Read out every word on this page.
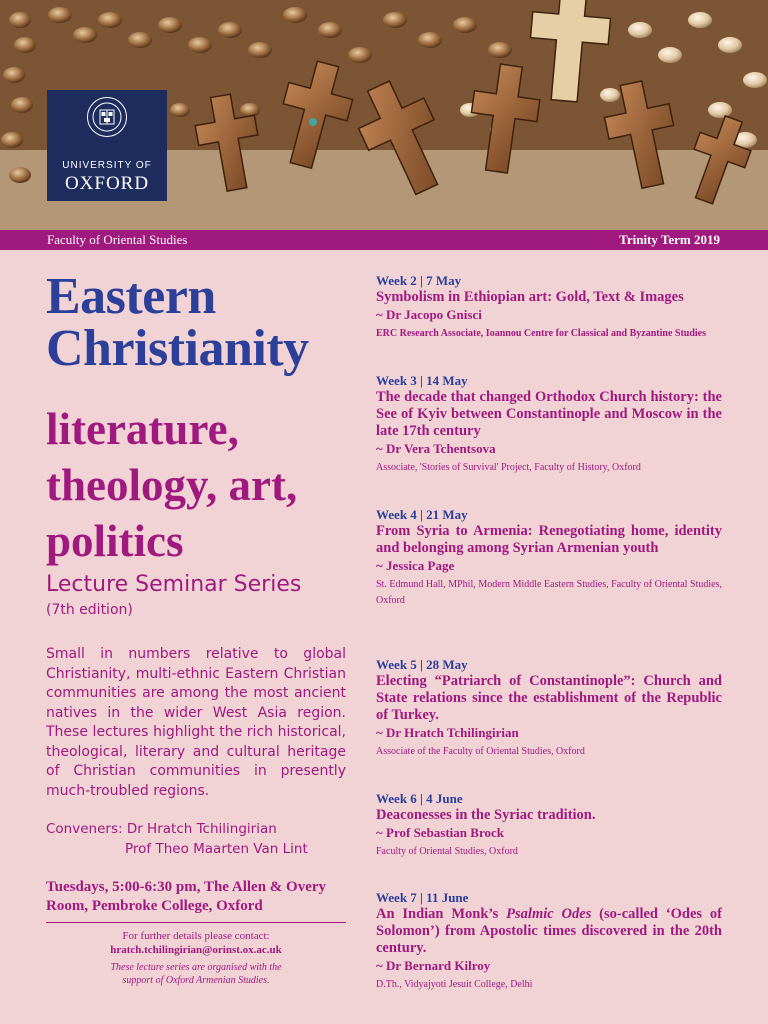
UNIVERSITY OF
OXFORD
Faculty of Oriental Studies	Trinity Term 2019
Eastern
Christianity
literature,
theology, art,
politics
Lecture Seminar Series
(7th edition)
Small in numbers relative to global Christianity, multi-ethnic Eastern Christian communities are among the most ancient natives in the wider West Asia region. These lectures highlight the rich historical, theological, literary and cultural heritage of Christian communities in presently much-troubled regions.
Conveners: Dr Hratch Tchilingirian
Prof Theo Maarten Van Lint
Tuesdays, 5:00-6:30 pm, The Allen & Overy Room, Pembroke College, Oxford
For further details please contact:
hratch.tchilingirian@orinst.ox.ac.uk
These lecture series are organised with the
support of Oxford Armenian Studies.
Week 2 | 7 May
Symbolism in Ethiopian art: Gold, Text & Images
~ Dr Jacopo Gnisci
ERC Research Associate, Ioannou Centre for Classical and Byzantine Studies
Week 3 | 14 May
The decade that changed Orthodox Church history: the See of Kyiv between Constantinople and Moscow in the late 17th century
~ Dr Vera Tchentsova
Associate, 'Stories of Survival' Project, Faculty of History, Oxford
Week 4 | 21 May
From Syria to Armenia: Renegotiating home, identity and belonging among Syrian Armenian youth
~ Jessica Page
St. Edmund Hall, MPhil, Modern Middle Eastern Studies, Faculty of Oriental Studies, Oxford
Week 5 | 28 May
Electing “Patriarch of Constantinople”: Church and State relations since the establishment of the Republic of Turkey.
~ Dr Hratch Tchilingirian
Associate of the Faculty of Oriental Studies, Oxford
Week 6 | 4 June
Deaconesses in the Syriac tradition.
~ Prof Sebastian Brock
Faculty of Oriental Studies, Oxford
Week 7 | 11 June
An Indian Monk’s Psalmic Odes (so-called ‘Odes of Solomon’) from Apostolic times discovered in the 20th century.
~ Dr Bernard Kilroy
D.Th., Vidyajyoti Jesuit College, Delhi
